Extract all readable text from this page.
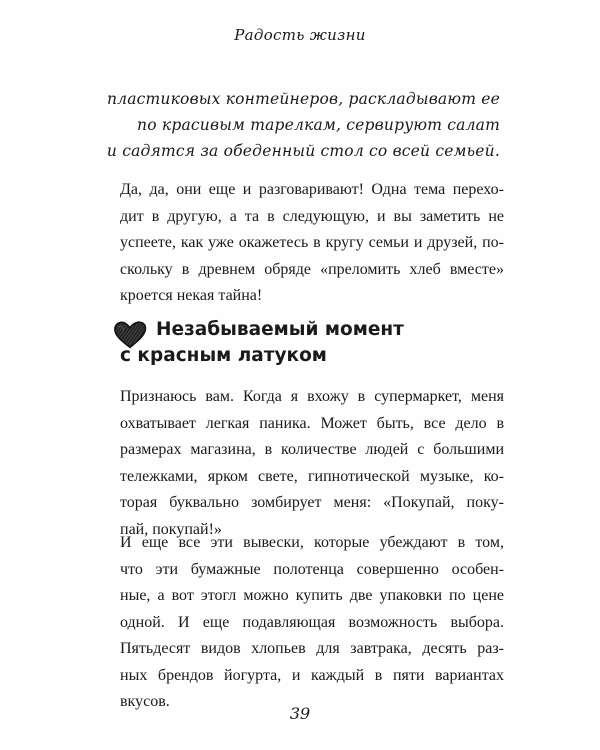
Радость жизни
пластиковых контейнеров, раскладывают ее
по красивым тарелкам, сервируют салат
и садятся за обеденный стол со всей семьей.
Да, да, они еще и разговаривают! Одна тема перехо-
дит в другую, а та в следующую, и вы заметить не
успеете, как уже окажетесь в кругу семьи и друзей, по-
скольку в древнем обряде «преломить хлеб вместе»
кроется некая тайна!
Незабываемый момент
с красным латуком
Признаюсь вам. Когда я вхожу в супермаркет, меня
охватывает легкая паника. Может быть, все дело в
размерах магазина, в количестве людей с большими
тележками, ярком свете, гипнотической музыке, ко-
торая буквально зомбирует меня: «Покупай, поку-
пай, покупай!»
И еще все эти вывески, которые убеждают в том,
что эти бумажные полотенца совершенно особен-
ные, а вот этогл можно купить две упаковки по цене
одной. И еще подавляющая возможность выбора.
Пятьдесят видов хлопьев для завтрака, десять раз-
ных брендов йогурта, и каждый в пяти вариантах
вкусов.
39
